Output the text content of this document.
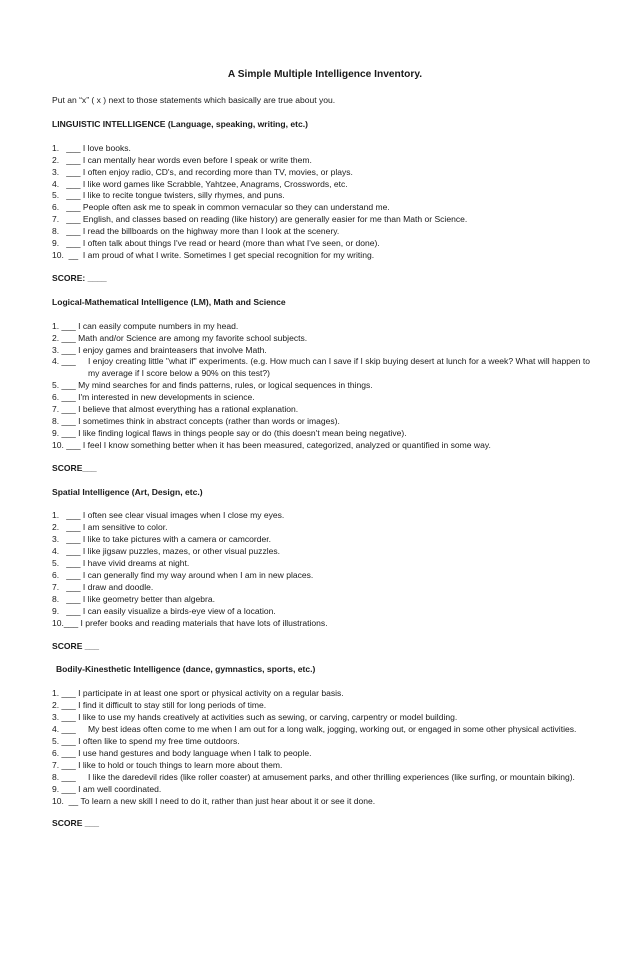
A Simple Multiple Intelligence Inventory.
Put an “x” ( x ) next to those statements which basically are true about you.
LINGUISTIC INTELLIGENCE (Language, speaking, writing, etc.)
1.   ___ I love books.
2.   ___ I can mentally hear words even before I speak or write them.
3.   ___ I often enjoy radio, CD's, and recording more than TV, movies, or plays.
4.   ___ I like word games like Scrabble, Yahtzee, Anagrams, Crosswords, etc.
5.   ___ I like to recite tongue twisters, silly rhymes, and puns.
6.   ___ People often ask me to speak in common vernacular so they can understand me.
7.   ___ English, and classes based on reading (like history) are generally easier for me than Math or Science.
8.   ___ I read the billboards on the highway more than I look at the scenery.
9.   ___ I often talk about things I've read or heard (more than what I've seen, or done).
10.  __ I am proud of what I write. Sometimes I get special recognition for my writing.
SCORE: ____
Logical-Mathematical Intelligence (LM), Math and Science
1. ___ I can easily compute numbers in my head.
2. ___ Math and/or Science are among my favorite school subjects.
3. ___ I enjoy games and brainteasers that involve Math.
4. ___	I enjoy creating little "what if" experiments. (e.g. How much can I save if I skip buying desert at lunch for a week? What will happen to my average if I score below a 90% on this test?)
5. ___ My mind searches for and finds patterns, rules, or logical sequences in things.
6. ___ I'm interested in new developments in science.
7. ___ I believe that almost everything has a rational explanation.
8. ___ I sometimes think in abstract concepts (rather than words or images).
9. ___ I like finding logical flaws in things people say or do (this doesn't mean being negative).
10. ___ I feel I know something better when it has been measured, categorized, analyzed or quantified in some way.
SCORE___
Spatial Intelligence (Art, Design, etc.)
1.   ___ I often see clear visual images when I close my eyes.
2.   ___ I am sensitive to color.
3.   ___ I like to take pictures with a camera or camcorder.
4.   ___ I like jigsaw puzzles, mazes, or other visual puzzles.
5.   ___ I have vivid dreams at night.
6.   ___ I can generally find my way around when I am in new places.
7.   ___ I draw and doodle.
8.   ___ I like geometry better than algebra.
9.   ___ I can easily visualize a birds-eye view of a location.
10.___ I prefer books and reading materials that have lots of illustrations.
SCORE ___
Bodily-Kinesthetic Intelligence (dance, gymnastics, sports, etc.)
1. ___ I participate in at least one sport or physical activity on a regular basis.
2. ___ I find it difficult to stay still for long periods of time.
3. ___ I like to use my hands creatively at activities such as sewing, or carving, carpentry or model building.
4. ___	My best ideas often come to me when I am out for a long walk, jogging, working out, or engaged in some other physical activities.
5. ___ I often like to spend my free time outdoors.
6. ___ I use hand gestures and body language when I talk to people.
7. ___ I like to hold or touch things to learn more about them.
8. ___	I like the daredevil rides (like roller coaster) at amusement parks, and other thrilling experiences (like surfing, or mountain biking).
9. ___ I am well coordinated.
10.  __ To learn a new skill I need to do it, rather than just hear about it or see it done.
SCORE ___
